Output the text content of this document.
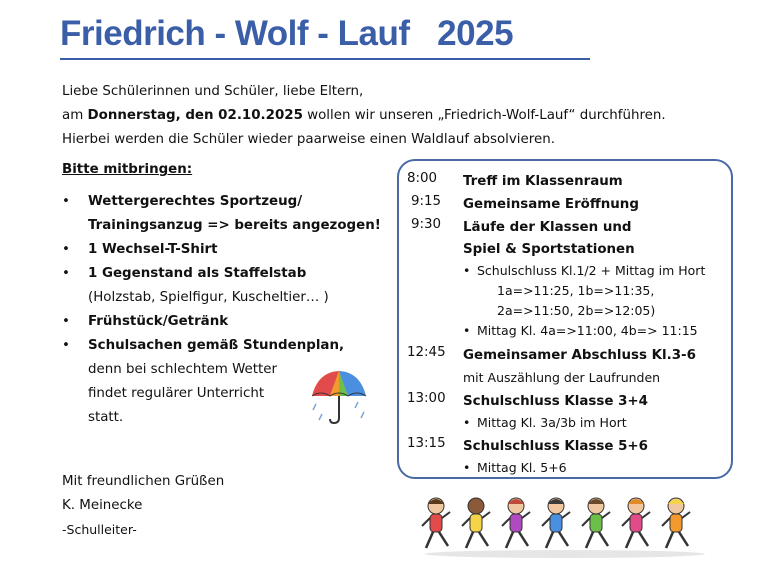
Friedrich - Wolf - Lauf   2025
Liebe Schülerinnen und Schüler, liebe Eltern,
am Donnerstag, den 02.10.2025 wollen wir unseren „Friedrich-Wolf-Lauf“ durchführen.
Hierbei werden die Schüler wieder paarweise einen Waldlauf absolvieren.
Bitte mitbringen:
• Wettergerechtes Sportzeug/
Trainingsanzug => bereits angezogen!
• 1 Wechsel-T-Shirt
• 1 Gegenstand als Staffelstab
(Holzstab, Spielfigur, Kuscheltier… )
• Frühstück/Getränk
• Schulsachen gemäß Stundenplan,
denn bei schlechtem Wetter
findet regulärer Unterricht
statt.
Mit freundlichen Grüßen
K. Meinecke
-Schulleiter-
8:00	Treff im Klassenraum
9:15	Gemeinsame Eröffnung
9:30	Läufe der Klassen und
Spiel & Sportstationen
• Schulschluss Kl.1/2 + Mittag im Hort
1a=>11:25, 1b=>11:35,
2a=>11:50, 2b=>12:05)
• Mittag Kl. 4a=>11:00, 4b=> 11:15
12:45	Gemeinsamer Abschluss Kl.3-6
mit Auszählung der Laufrunden
13:00	Schulschluss Klasse 3+4
• Mittag Kl. 3a/3b im Hort
13:15	Schulschluss Klasse 5+6
• Mittag Kl. 5+6
